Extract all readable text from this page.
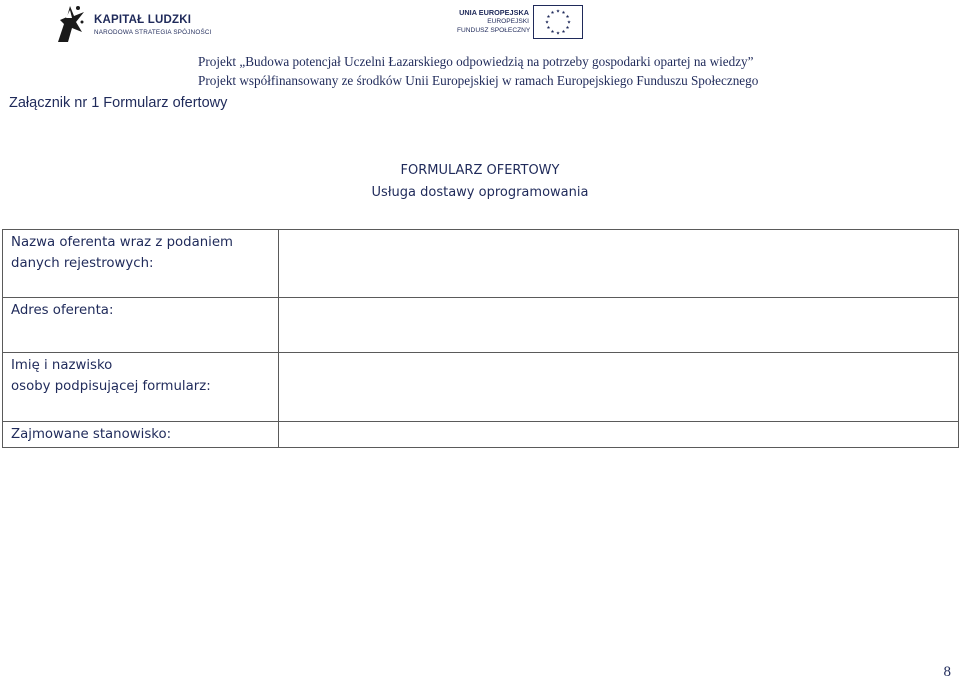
KAPITAŁ LUDZKI
NARODOWA STRATEGIA SPÓJNOŚCI
UNIA EUROPEJSKA
EUROPEJSKI
FUNDUSZ SPOŁECZNY
Projekt „Budowa potencjał Uczelni Łazarskiego odpowiedzią na potrzeby gospodarki opartej na wiedzy”
Projekt współfinansowany ze środków Unii Europejskiej w ramach Europejskiego Funduszu Społecznego
Załącznik nr 1 Formularz ofertowy
FORMULARZ OFERTOWY
Usługa dostawy oprogramowania
Nazwa oferenta wraz z podaniem
danych rejestrowych:	
Adres oferenta:	
Imię i nazwisko
osoby podpisującej formularz:	
Zajmowane stanowisko:	
8
